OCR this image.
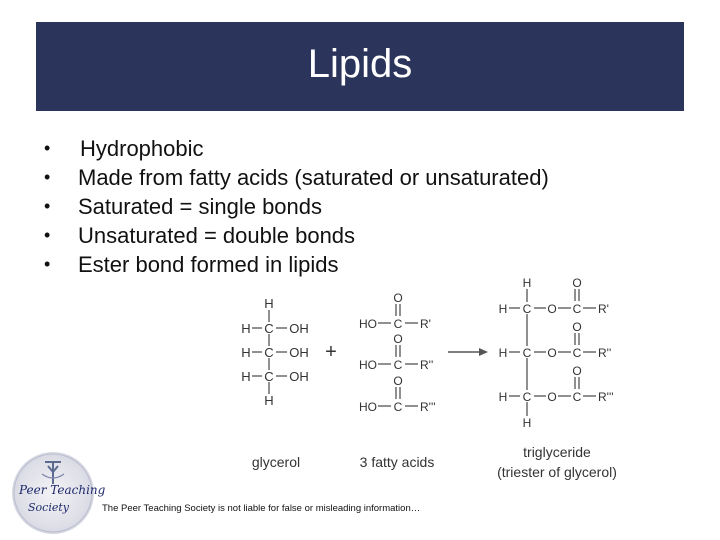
Lipids
• Hydrophobic
• Made from fatty acids (saturated or unsaturated)
• Saturated = single bonds
• Unsaturated = double bonds
• Ester bond formed in lipids
H
H C OH
H C OH
H C OH
H
+
O
HO C R'
O
HO C R''
O
HO C R'''
H
H C O
O
C R'
H C O
O
C R''
H C O
O
C R'''
H
glycerol	3 fatty acids
triglyceride
(triester of glycerol)
Peer Teaching
Society	The Peer Teaching Society is not liable for false or misleading information…
